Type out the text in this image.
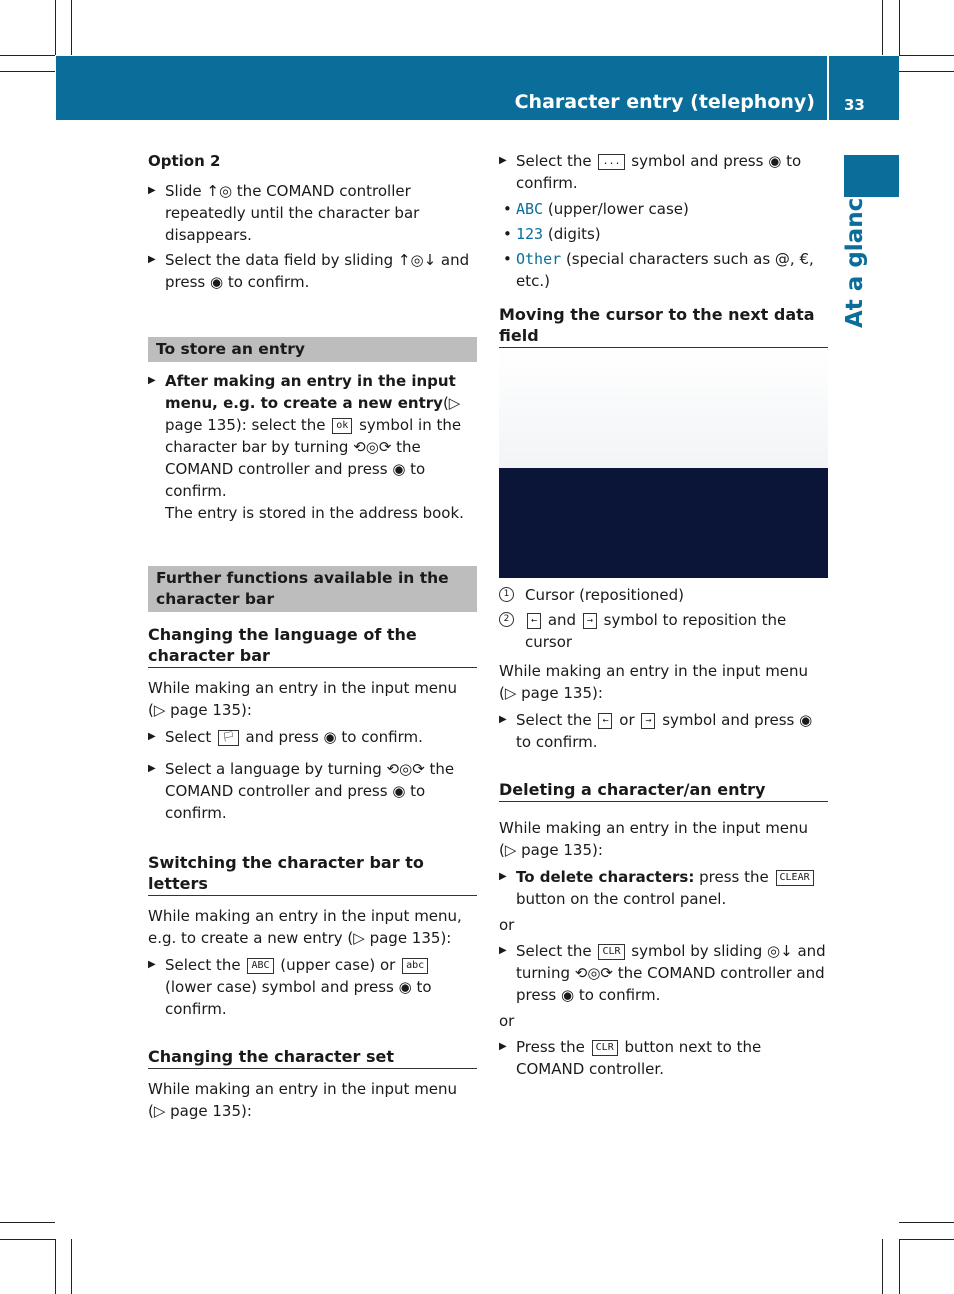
Character entry (telephony) 33
At a glance

Option 2

▶ Slide ↑◎ the COMAND controller repeatedly until the character bar disappears.

▶ Select the data field by sliding ↑◎↓ and press ◉ to confirm.

To store an entry

▶ After making an entry in the input menu, e.g. to create a new entry(▷ page 135): select the ok symbol in the character bar by turning ⟲◎⟳ the COMAND controller and press ◉ to confirm.

The entry is stored in the address book.

Further functions available in the character bar
Changing the language of the character bar

While making an entry in the input menu (▷ page 135):

▶ Select 🏳 and press ◉ to confirm.

▶ Select a language by turning ⟲◎⟳ the COMAND controller and press ◉ to confirm.

Switching the character bar to letters

While making an entry in the input menu, e.g. to create a new entry (▷ page 135):

▶ Select the ABC (upper case) or abc (lower case) symbol and press ◉ to confirm.

Changing the character set

While making an entry in the input menu (▷ page 135):

▶ Select the ... symbol and press ◉ to confirm.

• ABC (upper/lower case)

• 123 (digits)

• Other (special characters such as @, €, etc.)

Moving the cursor to the next data field

1	Cursor (repositioned)

2	← and → symbol to reposition the cursor

While making an entry in the input menu (▷ page 135):

▶ Select the ← or → symbol and press ◉ to confirm.

Deleting a character/an entry

While making an entry in the input menu (▷ page 135):

▶ To delete characters: press the CLEAR button on the control panel.

or

▶ Select the CLR symbol by sliding ◎↓ and turning ⟲◎⟳ the COMAND controller and press ◉ to confirm.

or

▶ Press the CLR button next to the COMAND controller.
